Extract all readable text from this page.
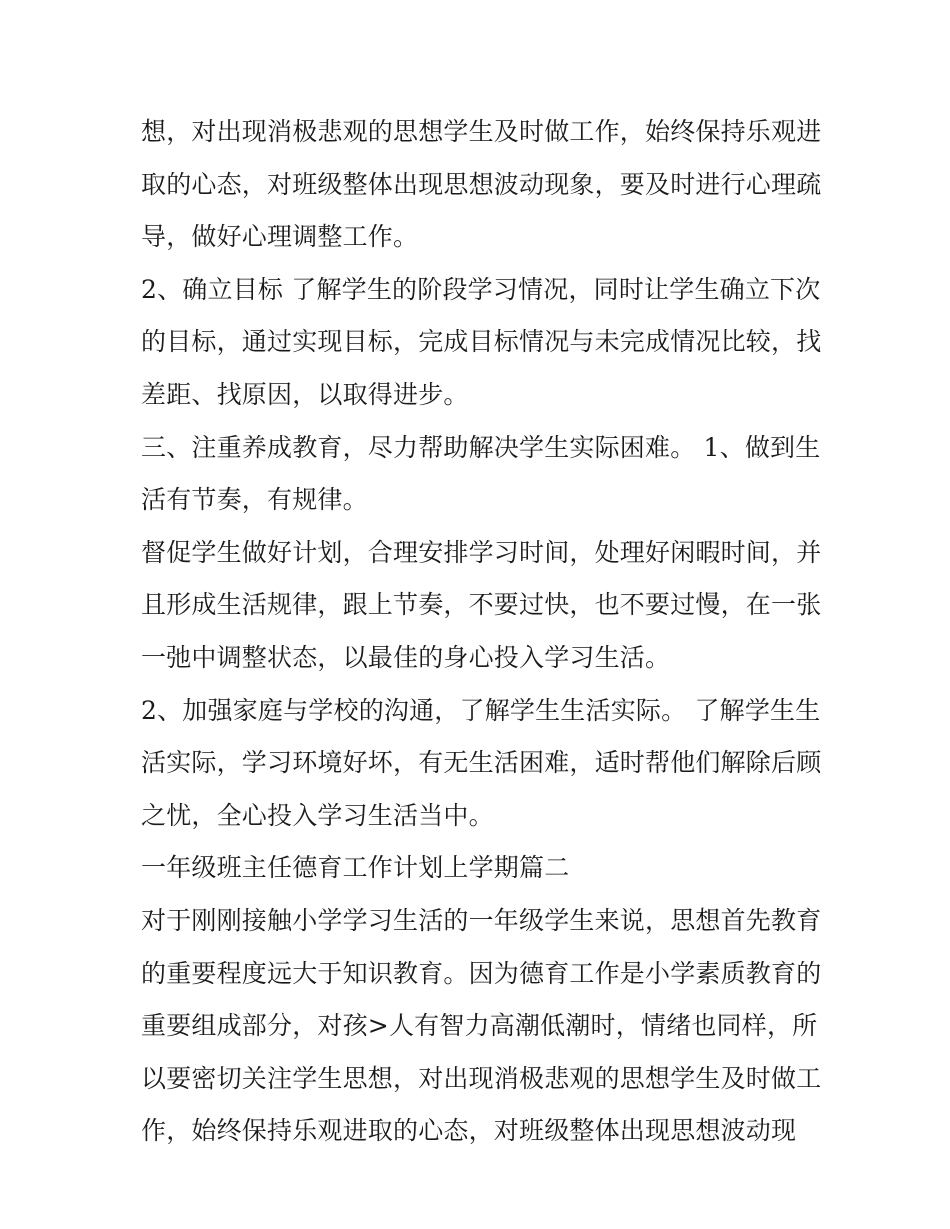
想，对出现消极悲观的思想学生及时做工作，始终保持乐观进
取的心态，对班级整体出现思想波动现象，要及时进行心理疏
导，做好心理调整工作。
2、确立目标 了解学生的阶段学习情况，同时让学生确立下次
的目标，通过实现目标，完成目标情况与未完成情况比较，找
差距、找原因，以取得进步。
三、注重养成教育，尽力帮助解决学生实际困难。 1、做到生
活有节奏，有规律。
督促学生做好计划，合理安排学习时间，处理好闲暇时间，并
且形成生活规律，跟上节奏，不要过快，也不要过慢，在一张
一弛中调整状态，以最佳的身心投入学习生活。
2、加强家庭与学校的沟通，了解学生生活实际。 了解学生生
活实际，学习环境好坏，有无生活困难，适时帮他们解除后顾
之忧，全心投入学习生活当中。
一年级班主任德育工作计划上学期篇二
对于刚刚接触小学学习生活的一年级学生来说，思想首先教育
的重要程度远大于知识教育。因为德育工作是小学素质教育的
重要组成部分，对孩>人有智力高潮低潮时，情绪也同样，所
以要密切关注学生思想，对出现消极悲观的思想学生及时做工
作，始终保持乐观进取的心态，对班级整体出现思想波动现
